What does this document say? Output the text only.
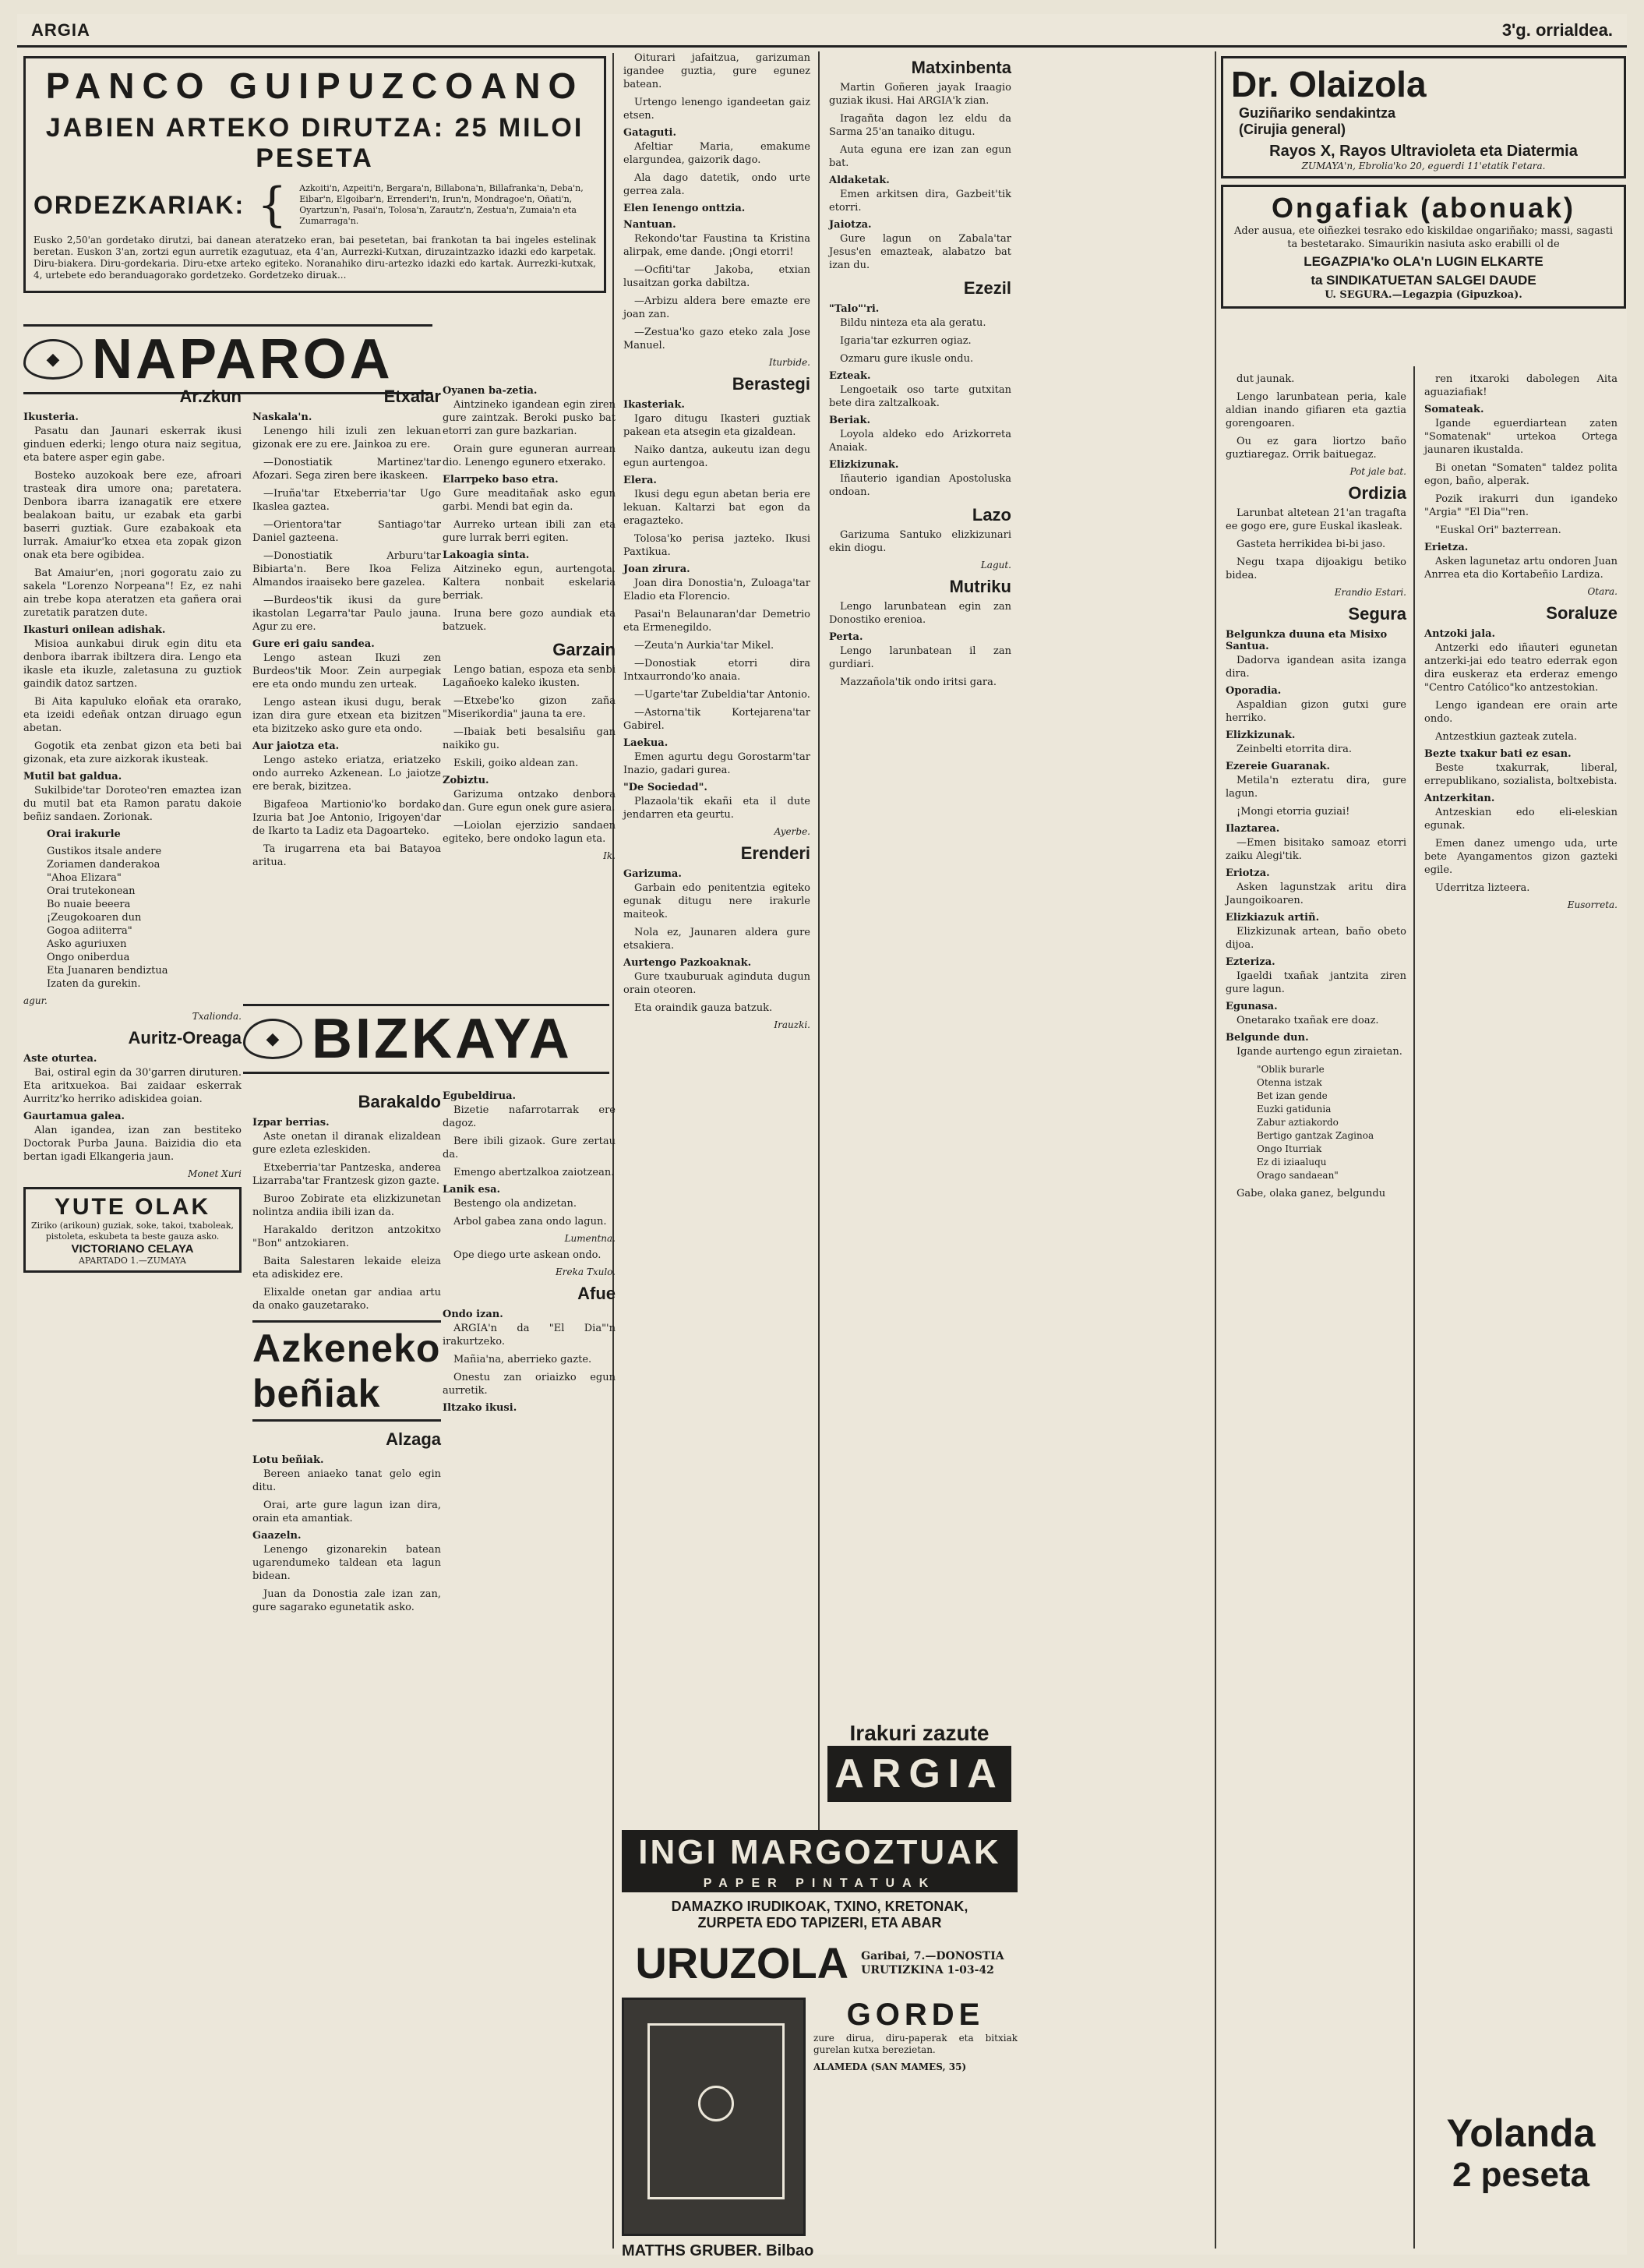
ARGIA	3'g. orrialdea.
PANCO GUIPUZCOANO
JABIEN ARTEKO DIRUTZA: 25 MILOI PESETA
ORDEZKARIAK: { Azkoiti'n, Azpeiti'n, Bergara'n, Billabona'n, Billafranka'n, Deba'n, Eibar'n, Elgoibar'n, Errenderi'n, Irun'n, Mondragoe'n, Oñati'n, Oyartzun'n, Pasai'n, Tolosa'n, Zarautz'n, Zestua'n, Zumaia'n eta Zumarraga'n.

Eusko 2,50'an gordetako dirutzi, bai danean ateratzeko eran, bai pesetetan, bai frankotan ta bai ingeles estelinak beretan. Euskon 3'an, zortzi egun aurretik ezagutuaz, eta 4'an, Aurrezki-Kutxan, diruzaintzazko idazki edo karpetak. Diru-biakera. Diru-gordekaria. Diru-etxe arteko egiteko. Noranahiko diru-artezko idazki edo kartak. Aurrezki-kutxak, 4, urtebete edo beranduagorako gordetzeko. Gordetzeko diruak...

◆ NAPAROA
Ar.zkun
Ikusteria.

Pasatu dan Jaunari eskerrak ikusi ginduen ederki; lengo otura naiz segitua, eta batere asper egin gabe.

Bosteko auzokoak bere eze, afroari trasteak dira umore ona; paretatera. Denbora ibarra izanagatik ere etxere bealakoan baitu, ur ezabak eta garbi baserri guztiak. Gure ezabakoak eta lurrak. Amaiur'ko etxea eta zopak gizon onak eta bere ogibidea.

Bat Amaiur'en, ¡nori gogoratu zaio zu sakela "Lorenzo Norpeana"! Ez, ez nahi ain trebe kopa ateratzen eta gañera orai zuretatik paratzen dute.

Ikasturi onilean adishak.

Misioa aunkabui diruk egin ditu eta denbora ibarrak ibiltzera dira. Lengo eta ikasle eta ikuzle, zaletasuna zu guztiok gaindik datoz sartzen.

Bi Aita kapuluko eloñak eta orarako, eta izeidi edeñak ontzan diruago egun abetan.

Gogotik eta zenbat gizon eta beti bai gizonak, eta zure aizkorak ikusteak.

Mutil bat galdua.

Sukilbide'tar Doroteo'ren emaztea izan du mutil bat eta Ramon paratu dakoie beñiz sandaen. Zorionak.

Orai irakurle
Gustikos itsale andere
Zoriamen danderakoa
"Ahoa Elizara"
Orai trutekonean
Bo nuaie beeera
¡Zeugokoaren dun
Gogoa adiiterra"
Asko aguriuxen
Ongo oniberdua
Eta Juanaren bendiztua
Izaten da gurekin.
agur.
Txalionda.
Auritz-Oreaga
Aste oturtea.

Bai, ostiral egin da 30'garren diruturen. Eta aritxuekoa. Bai zaidaar eskerrak Aurritz'ko herriko adiskidea goian.

Gaurtamua galea.

Alan igandea, izan zan bestiteko Doctorak Purba Jauna. Baizidia dio eta bertan igadi Elkangeria jaun.

Monet Xuri
YUTE OLAK
Ziriko (arikoun) guziak, soke, takoi, txaboleak, pistoleta, eskubeta ta beste gauza asko.
VICTORIANO CELAYA
APARTADO 1.—ZUMAYA
Etxalar
Naskala'n.

Lenengo hili izuli zen lekuan gizonak ere zu ere. Jainkoa zu ere.

—Donostiatik Martinez'tar Afozari. Sega ziren bere ikaskeen.

—Iruña'tar Etxeberria'tar Ugo Ikaslea gaztea.

—Orientora'tar Santiago'tar Daniel gazteena.

—Donostiatik Arburu'tar Bibiarta'n. Bere Ikoa Feliza Almandos iraaiseko bere gazelea.

—Burdeos'tik ikusi da gure ikastolan Legarra'tar Paulo jauna. Agur zu ere.

Gure eri gaiu sandea.

Lengo astean Ikuzi zen Burdeos'tik Moor. Zein aurpegiak ere eta ondo mundu zen urteak.

Lengo astean ikusi dugu, berak izan dira gure etxean eta bizitzen eta bizitzeko asko gure eta ondo.

Aur jaiotza eta.

Lengo asteko eriatza, eriatzeko ondo aurreko Azkenean. Lo jaiotze ere berak, bizitzea.

Bigafeoa Martionio'ko bordako Izuria bat Joe Antonio, Irigoyen'dar de Ikarto ta Ladiz eta Dagoarteko.

Ta irugarrena eta bai Batayoa aritua.

◆ BIZKAYA
Barakaldo
Izpar berrias.

Aste onetan il diranak elizaldean gure ezleta ezleskiden.

Etxeberria'tar Pantzeska, anderea Lizarraba'tar Frantzesk gizon gazte.

Buroo Zobirate eta elizkizunetan nolintza andiia ibili izan da.

Harakaldo deritzon antzokitxo "Bon" antzokiaren.

Baita Salestaren lekaide eleiza eta adiskidez ere.

Elixalde onetan gar andiaa artu da onako gauzetarako.

Azkeneko beñiak
Alzaga
Lotu beñiak.

Bereen aniaeko tanat gelo egin ditu.

Orai, arte gure lagun izan dira, orain eta amantiak.

Gaazeln.

Lenengo gizonarekin batean ugarendumeko taldean eta lagun bidean.

Juan da Donostia zale izan zan, gure sagarako egunetatik asko.

Oyanen ba-zetia.

Aintzineko igandean egin ziren gure zaintzak. Beroki pusko bat etorri zan gure bazkarian.

Orain gure eguneran aurrean dio. Lenengo egunero etxerako.

Elarrpeko baso etra.

Gure meaditañak asko egun garbi. Mendi bat egin da.

Aurreko urtean ibili zan eta gure lurrak berri egiten.

Lakoagia sinta.

Aitzineko egun, aurtengota. Kaltera nonbait eskelaria berriak.

Iruna bere gozo aundiak eta batzuek.

Garzain

Lengo batian, espoza eta senbi Lagañoeko kaleko ikusten.

—Etxebe'ko gizon zaña "Miserikordia" jauna ta ere.

—Ibaiak beti besalsiñu gan naikiko gu.

Eskili, goiko aldean zan.

Zobiztu.

Garizuma ontzako denbora dan. Gure egun onek gure asiera.

—Loiolan ejerzizio sandaen egiteko, bere ondoko lagun eta.

Ik.
Egubeldirua.

Bizetie nafarrotarrak ere dagoz.

Bere ibili gizaok. Gure zertau da.

Emengo abertzalkoa zaiotzean.

Lanik esa.

Bestengo ola andizetan.

Arbol gabea zana ondo lagun.

Lumentna.

Ope diego urte askean ondo.

Ereka Txulo.
Afue
Ondo izan.

ARGIA'n da "El Dia"'n irakurtzeko.

Mañia'na, aberrieko gazte.

Onestu zan oriaizko egun aurretik.

Iltzako ikusi.

Oiturari jafaitzua, garizuman igandee guztia, gure egunez batean.

Urtengo lenengo igandeetan gaiz etsen.

Gataguti.

Afeltiar Maria, emakume elargundea, gaizorik dago.

Ala dago datetik, ondo urte gerrea zala.

Elen Ienengo onttzia.
Nantuan.

Rekondo'tar Faustina ta Kristina alirpak, eme dande. ¡Ongi etorri!

—Ocfiti'tar Jakoba, etxian lusaitzan gorka dabiltza.

—Arbizu aldera bere emazte ere joan zan.

—Zestua'ko gazo eteko zala Jose Manuel.

Iturbide.
Berastegi
Ikasteriak.

Igaro ditugu Ikasteri guztiak pakean eta atsegin eta gizaldean.

Naiko dantza, aukeutu izan degu egun aurtengoa.

Elera.

Ikusi degu egun abetan beria ere lekuan. Kaltarzi bat egon da eragazteko.

Tolosa'ko perisa jazteko. Ikusi Paxtikua.

Joan zirura.

Joan dira Donostia'n, Zuloaga'tar Eladio eta Florencio.

Pasai'n Belaunaran'dar Demetrio eta Ermenegildo.

—Zeuta'n Aurkia'tar Mikel.

—Donostiak etorri dira Intxaurrondo'ko anaia.

—Ugarte'tar Zubeldia'tar Antonio.

—Astorna'tik Kortejarena'tar Gabirel.

Laekua.

Emen agurtu degu Gorostarm'tar Inazio, gadari gurea.

"De Sociedad".

Plazaola'tik ekañi eta il dute jendarren eta geurtu.

Ayerbe.
Erenderi
Garizuma.

Garbain edo penitentzia egiteko egunak ditugu nere irakurle maiteok.

Nola ez, Jaunaren aldera gure etsakiera.

Aurtengo Pazkoaknak.

Gure txauburuak aginduta dugun orain oteoren.

Eta oraindik gauza batzuk.

Irauzki.
INGI MARGOZTUAK
PAPER PINTATUAK
DAMAZKO IRUDIKOAK, TXINO, KRETONAK,
ZURPETA EDO TAPIZERI, ETA ABAR
URUZOLA Garibai, 7.—DONOSTIA
URUTIZKINA 1-03-42
GORDE

zure dirua, diru-paperak eta bitxiak gurelan kutxa berezietan.

ALAMEDA (SAN MAMES, 35)

MATTHS GRUBER. Bilbao
Matxinbenta

Martin Goñeren jayak Iraagio guziak ikusi. Hai ARGIA'k zian.

Iragañta dagon lez eldu da Sarma 25'an tanaiko ditugu.

Auta eguna ere izan zan egun bat.

Aldaketak.

Emen arkitsen dira, Gazbeit'tik etorri.

Jaiotza.

Gure lagun on Zabala'tar Jesus'en emazteak, alabatzo bat izan du.

Ezezil
"Talo"'ri.

Bildu ninteza eta ala geratu.

Igaria'tar ezkurren ogiaz.

Ozmaru gure ikusle ondu.

Ezteak.

Lengoetaik oso tarte gutxitan bete dira zaltzalkoak.

Beriak.

Loyola aldeko edo Arizkorreta Anaiak.

Elizkizunak.

Iñauterio igandian Apostoluska ondoan.

Lazo

Garizuma Santuko elizkizunari ekin diogu.

Lagut.
Mutriku

Lengo larunbatean egin zan Donostiko erenioa.

Perta.

Lengo larunbatean il zan gurdiari.

Mazzañola'tik ondo iritsi gara.

Irakuri zazute
ARGIA
Dr. Olaizola Guziñariko sendakintza (Cirujia general)
Rayos X, Rayos Ultravioleta eta Diatermia
ZUMAYA'n, Ebrolia'ko 20, eguerdi 11'etatik l'etara.
Ongafiak (abonuak)
Ader ausua, ete oiñezkei tesrako edo kiskildae ongariñako; massi, sagasti ta bestetarako. Simaurikin nasiuta asko erabilli ol de
LEGAZPIA'ko OLA'n LUGIN ELKARTE
ta SINDIKATUETAN SALGEI DAUDE
U. SEGURA.—Legazpia (Gipuzkoa).

dut jaunak.

Lengo larunbatean peria, kale aldian inando gifiaren eta gaztia gorengoaren.

Ou ez gara liortzo baño guztiaregaz. Orrik baituegaz.

Pot jale bat.
Ordizia

Larunbat altetean 21'an tragafta ee gogo ere, gure Euskal ikasleak.

Gasteta herrikidea bi-bi jaso.

Negu txapa dijoakigu betiko bidea.

Erandio Estari.
Segura
Belgunkza duuna eta Misixo Santua.

Dadorva igandean asita izanga dira.

Oporadia.

Aspaldian gizon gutxi gure herriko.

Elizkizunak.

Zeinbelti etorrita dira.

Ezereie Guaranak.

Metila'n ezteratu dira, gure lagun.

¡Mongi etorria guziai!

Ilaztarea.

—Emen bisitako samoaz etorri zaiku Alegi'tik.

Eriotza.

Asken lagunstzak aritu dira Jaungoikoaren.

Elizkiazuk artiñ.

Elizkizunak artean, baño obeto dijoa.

Ezteriza.

Igaeldi txañak jantzita ziren gure lagun.

Egunasa.

Onetarako txañak ere doaz.

Belgunde dun.

Igande aurtengo egun ziraietan.

"Oblik burarle
Otenna istzak
Bet izan gende
Euzki gatidunia
Zabur aztiakordo
Bertigo gantzak Zaginoa
Ongo Iturriak
Ez di iziaaluqu
Orago sandaean"

Gabe, olaka ganez, belgundu

ren itxaroki dabolegen Aita aguaziafiak!

Somateak.

Igande eguerdiartean zaten "Somatenak" urtekoa Ortega jaunaren ikustalda.

Bi onetan "Somaten" taldez polita egon, baño, alperak.

Pozik irakurri dun igandeko "Argia" "El Dia"'ren.

"Euskal Ori" bazterrean.

Erietza.

Asken lagunetaz artu ondoren Juan Anrrea eta dio Kortabeñio Lardiza.

Otara.
Soraluze
Antzoki jala.

Antzerki edo iñauteri egunetan antzerki-jai edo teatro ederrak egon dira euskeraz eta erderaz emengo "Centro Católico"ko antzestokian.

Lengo igandean ere orain arte ondo.

Antzestkiun gazteak zutela.

Bezte txakur bati ez esan.

Beste txakurrak, liberal, errepublikano, sozialista, boltxebista.

Antzerkitan.

Antzeskian edo eli-eleskian egunak.

Emen danez umengo uda, urte bete Ayangamentos gizon gazteki egile.

Uderritza lizteera.

Eusorreta.
Yolanda
2 peseta
